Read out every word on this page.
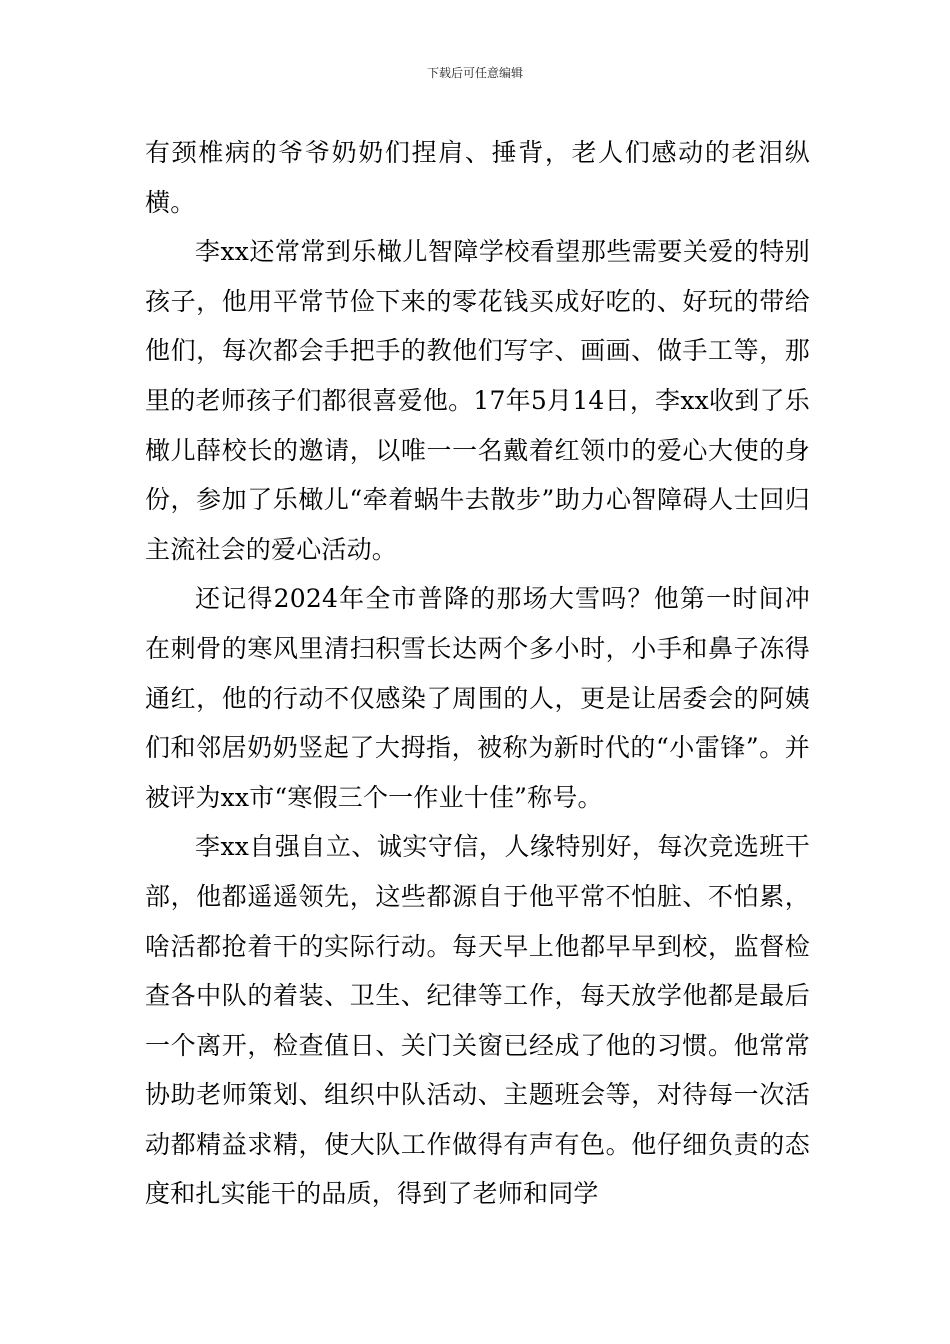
下载后可任意编辑

有颈椎病的爷爷奶奶们捏肩、捶背，老人们感动的老泪纵横。

李xx还常常到乐橄儿智障学校看望那些需要关爱的特别孩子，他用平常节俭下来的零花钱买成好吃的、好玩的带给他们，每次都会手把手的教他们写字、画画、做手工等，那里的老师孩子们都很喜爱他。17年5月14日，李xx收到了乐橄儿薛校长的邀请，以唯一一名戴着红领巾的爱心大使的身份，参加了乐橄儿“牵着蜗牛去散步”助力心智障碍人士回归主流社会的爱心活动。

还记得2024年全市普降的那场大雪吗？他第一时间冲在刺骨的寒风里清扫积雪长达两个多小时，小手和鼻子冻得通红，他的行动不仅感染了周围的人，更是让居委会的阿姨们和邻居奶奶竖起了大拇指，被称为新时代的“小雷锋”。并被评为xx市“寒假三个一作业十佳”称号。

李xx自强自立、诚实守信，人缘特别好，每次竞选班干部，他都遥遥领先，这些都源自于他平常不怕脏、不怕累，啥活都抢着干的实际行动。每天早上他都早早到校，监督检查各中队的着装、卫生、纪律等工作，每天放学他都是最后一个离开，检查值日、关门关窗已经成了他的习惯。他常常协助老师策划、组织中队活动、主题班会等，对待每一次活动都精益求精，使大队工作做得有声有色。他仔细负责的态度和扎实能干的品质，得到了老师和同学
